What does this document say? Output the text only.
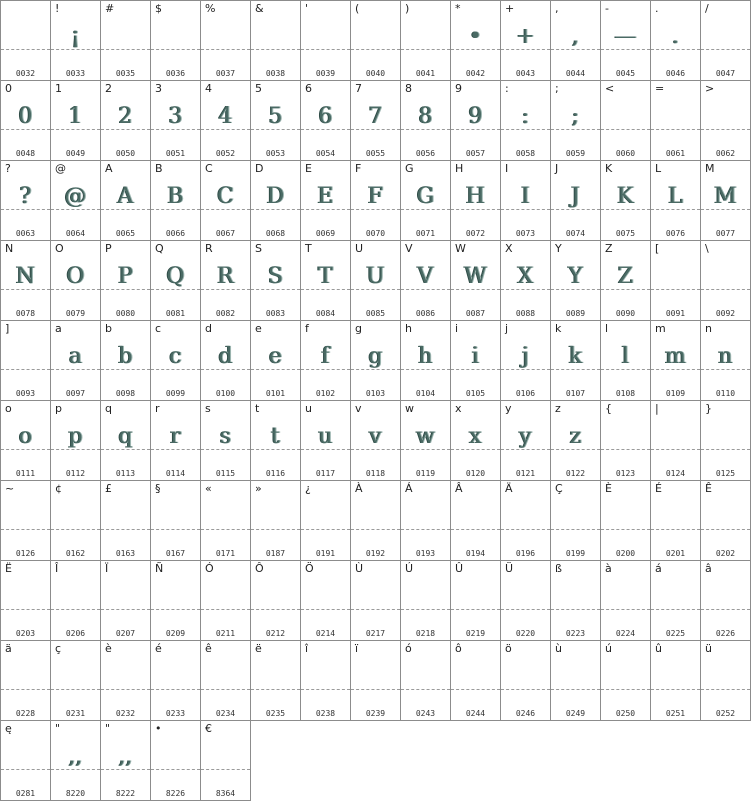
0032
!
¡
0033
#
0035
$
0036
%
0037
&
0038
'
0039
(
0040
)
0041
*
•
0042
+
+
0043
,
,
0044
-
—
0045
.
.
0046
/
0047
0
0
0048
1
1
0049
2
2
0050
3
3
0051
4
4
0052
5
5
0053
6
6
0054
7
7
0055
8
8
0056
9
9
0057
:
:
0058
;
;
0059
<
0060
=
0061
>
0062
?
?
0063
@
@
0064
A
A
0065
B
B
0066
C
C
0067
D
D
0068
E
E
0069
F
F
0070
G
G
0071
H
H
0072
I
I
0073
J
J
0074
K
K
0075
L
L
0076
M
M
0077
N
N
0078
O
O
0079
P
P
0080
Q
Q
0081
R
R
0082
S
S
0083
T
T
0084
U
U
0085
V
V
0086
W
W
0087
X
X
0088
Y
Y
0089
Z
Z
0090
[
0091
\
0092
]
0093
a
a
0097
b
b
0098
c
c
0099
d
d
0100
e
e
0101
f
f
0102
g
g
0103
h
h
0104
i
i
0105
j
j
0106
k
k
0107
l
l
0108
m
m
0109
n
n
0110
o
o
0111
p
p
0112
q
q
0113
r
r
0114
s
s
0115
t
t
0116
u
u
0117
v
v
0118
w
w
0119
x
x
0120
y
y
0121
z
z
0122
{
0123
|
0124
}
0125
~
0126
¢
0162
£
0163
§
0167
«
0171
»
0187
¿
0191
À
0192
Á
0193
Â
0194
Ä
0196
Ç
0199
È
0200
É
0201
Ê
0202
Ë
0203
Î
0206
Ï
0207
Ñ
0209
Ó
0211
Ô
0212
Ö
0214
Ù
0217
Ú
0218
Û
0219
Ü
0220
ß
0223
à
0224
á
0225
â
0226
ä
0228
ç
0231
è
0232
é
0233
ê
0234
ë
0235
î
0238
ï
0239
ó
0243
ô
0244
ö
0246
ù
0249
ú
0250
û
0251
ü
0252
ę
0281
"
,,
8220
"
,,
8222
•
8226
€
8364
